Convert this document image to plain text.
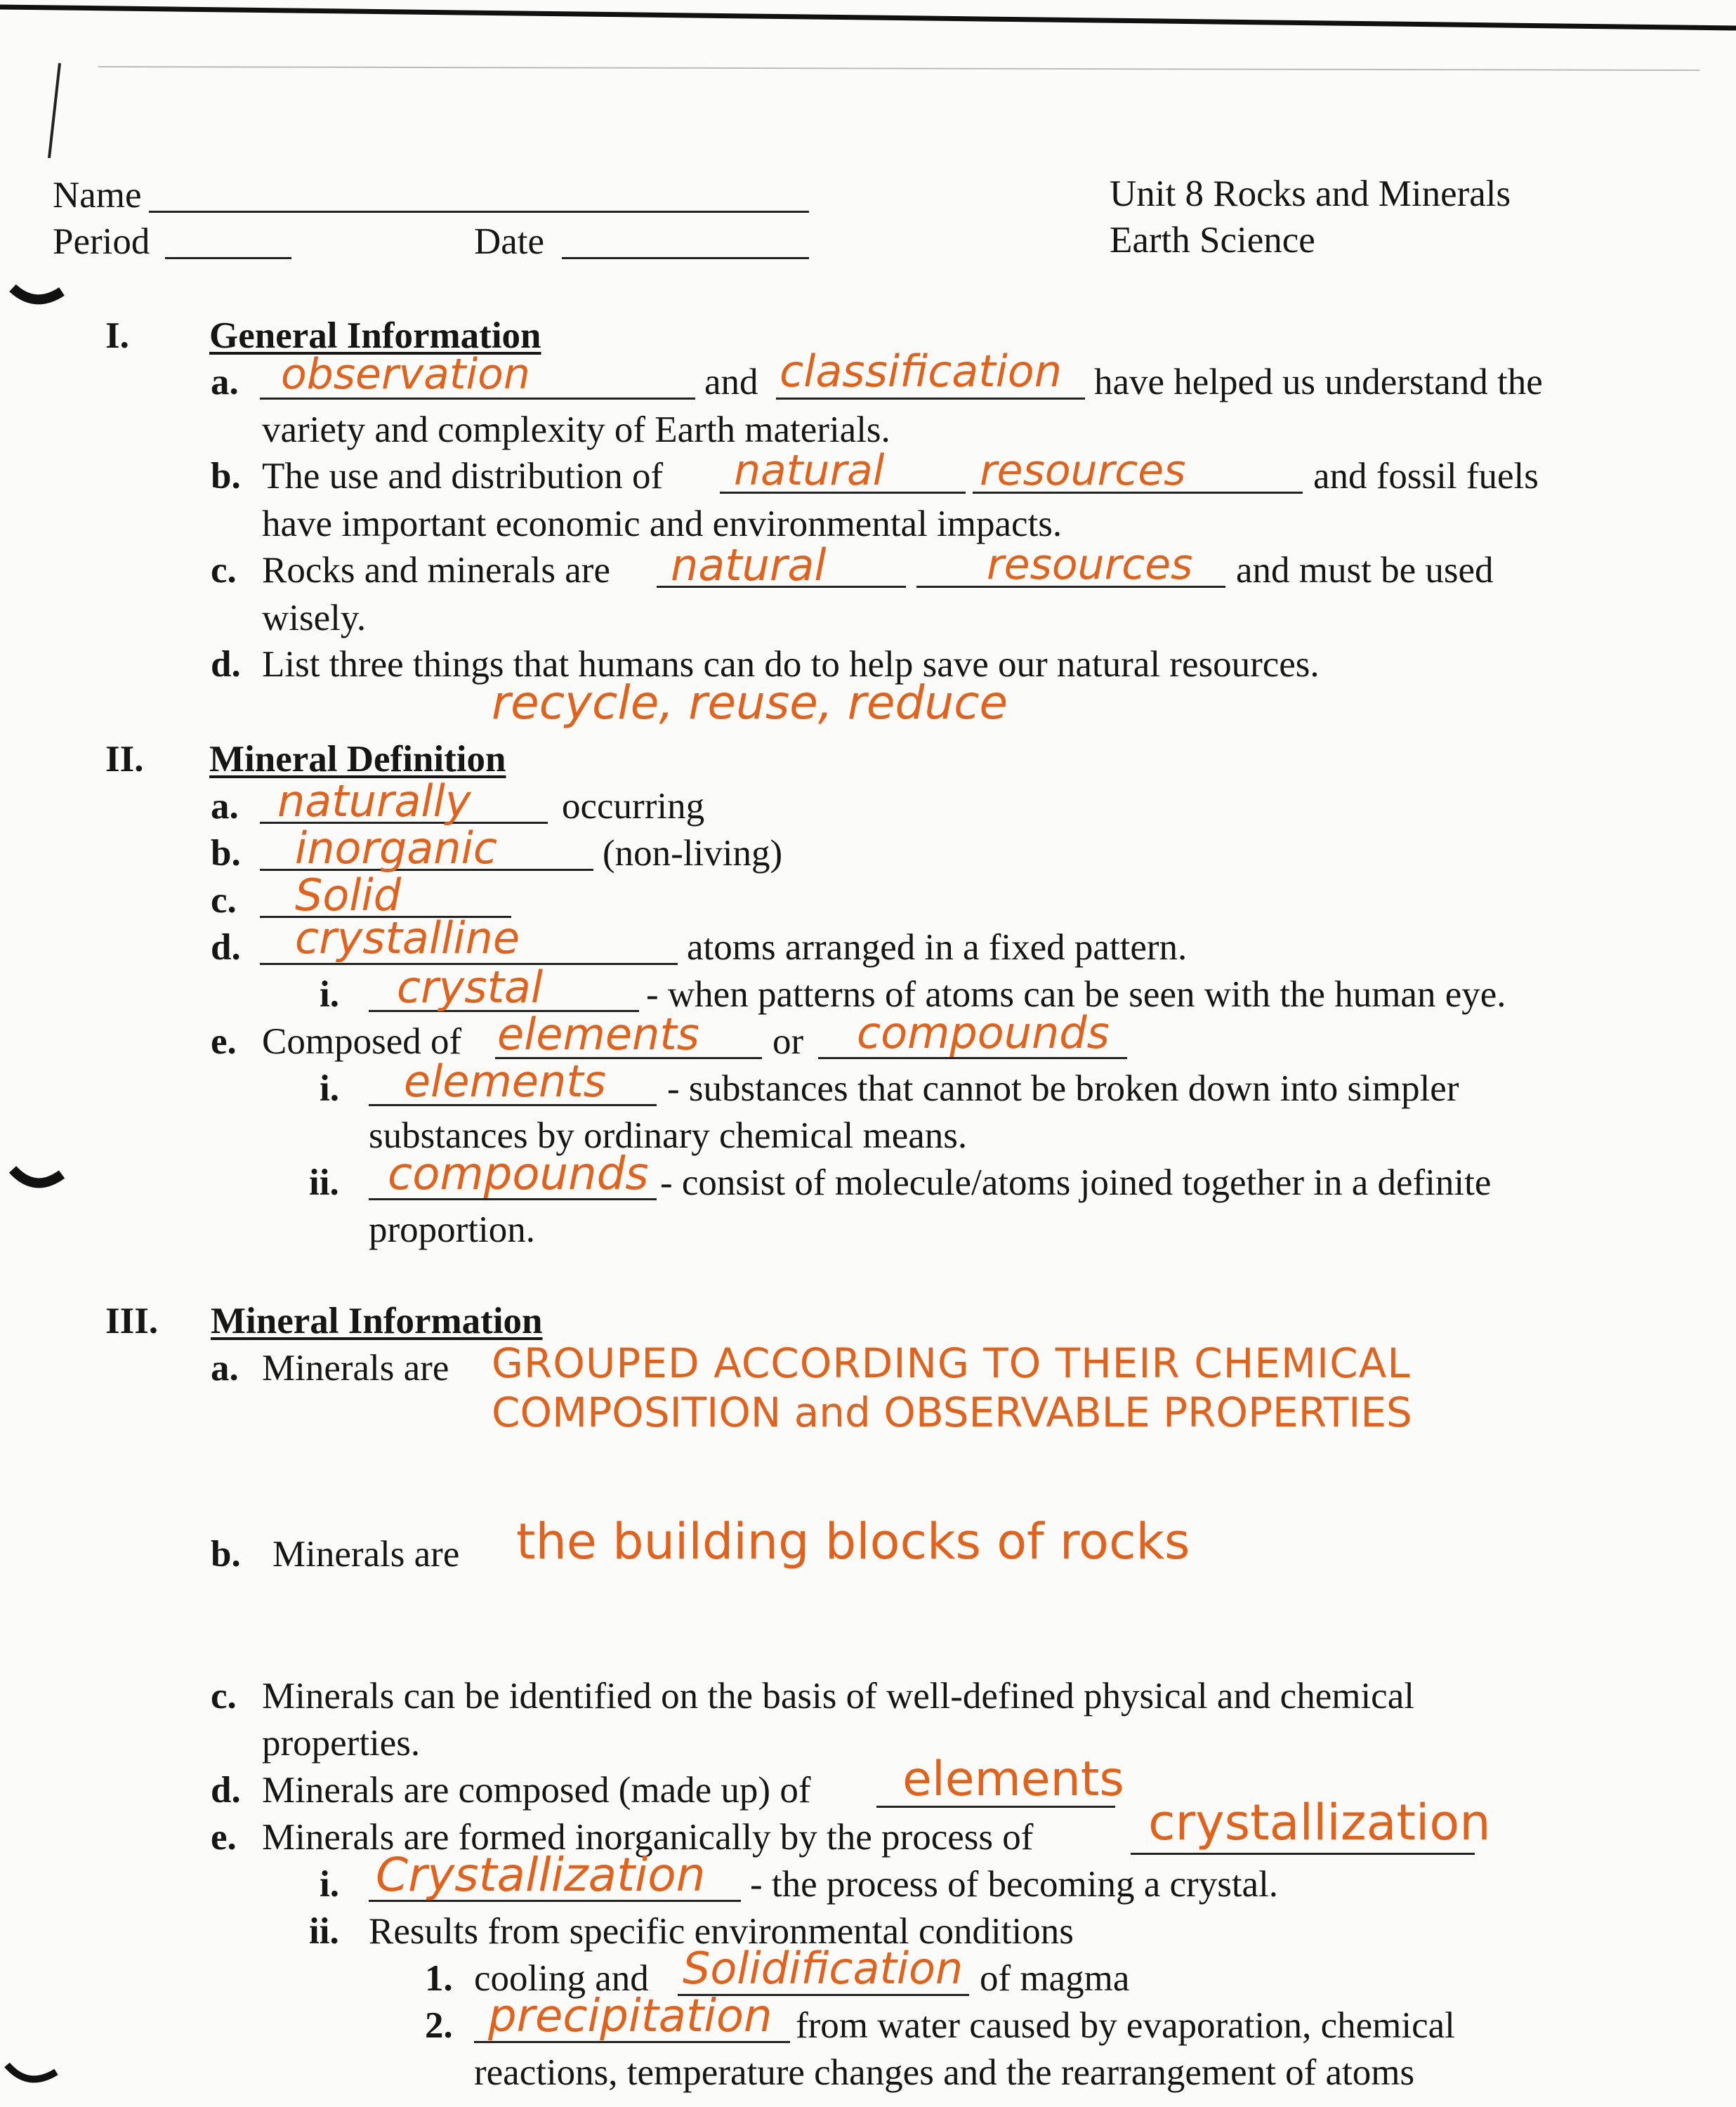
Name
Period	Date
Unit 8 Rocks and Minerals
Earth Science
I. General Information
a. observation	and classification have helped us understand the
variety and complexity of Earth materials.
b. The use and distribution of natural resources	and fossil fuels
have important economic and environmental impacts.
c. Rocks and minerals are natural	resources and must be used
wisely.
d. List three things that humans can do to help save our natural resources.
recycle, reuse, reduce
II. Mineral Definition
a. naturally occurring
b. inorganic	(non-living)
c. Solid
d. crystalline	atoms arranged in a fixed pattern.
i. crystal	- when patterns of atoms can be seen with the human eye.
e. Composed of elements or compounds
i. elements - substances that cannot be broken down into simpler
substances by ordinary chemical means.
ii. compounds - consist of molecule/atoms joined together in a definite
proportion.
III. Mineral Information
a. Minerals are GROUPED ACCORDING TO THEIR CHEMICAL
COMPOSITION and OBSERVABLE PROPERTIES
b. Minerals are the building blocks of rocks
c. Minerals can be identified on the basis of well-defined physical and chemical
properties.
d. Minerals are composed (made up) of elements
e. Minerals are formed inorganically by the process of crystallization
i. Crystallization - the process of becoming a crystal.
ii. Results from specific environmental conditions
1. cooling and Solidification of magma
2. precipitation from water caused by evaporation, chemical
reactions, temperature changes and the rearrangement of atoms
